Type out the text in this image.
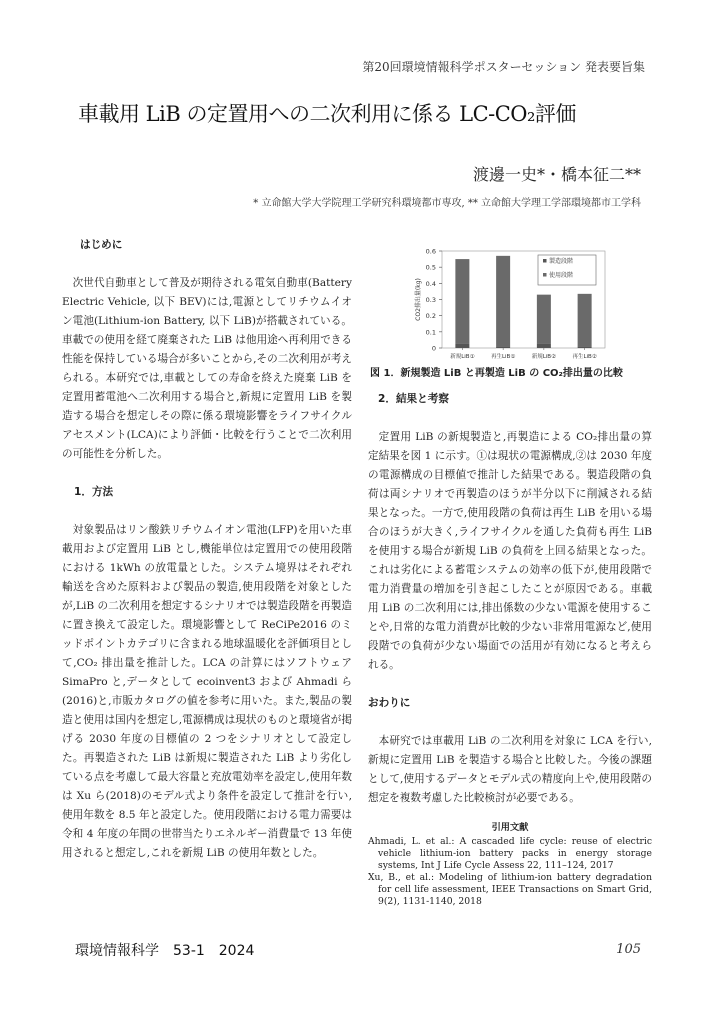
第20回環境情報科学ポスターセッション 発表要旨集
車載用 LiB の定置用への二次利用に係る LC-CO₂評価
渡邊一史*・橋本征二**
* 立命館大学大学院理工学研究科環境都市専攻, ** 立命館大学理工学部環境都市工学科
はじめに

次世代自動車として普及が期待される電気自動車(Battery Electric Vehicle, 以下 BEV)には,電源としてリチウムイオン電池(Lithium-ion Battery, 以下 LiB)が搭載されている。車載での使用を経て廃棄された LiB は他用途へ再利用できる性能を保持している場合が多いことから,その二次利用が考えられる。本研究では,車載としての寿命を終えた廃棄 LiB を定置用蓄電池へ二次利用する場合と,新規に定置用 LiB を製造する場合を想定しその際に係る環境影響をライフサイクルアセスメント(LCA)により評価・比較を行うことで二次利用の可能性を分析した。

1．方法

対象製品はリン酸鉄リチウムイオン電池(LFP)を用いた車載用および定置用 LiB とし,機能単位は定置用での使用段階における 1kWh の放電量とした。システム境界はそれぞれ輸送を含めた原料および製品の製造,使用段階を対象としたが,LiB の二次利用を想定するシナリオでは製造段階を再製造に置き換えて設定した。環境影響として ReCiPe2016 のミッドポイントカテゴリに含まれる地球温暖化を評価項目として,CO₂ 排出量を推計した。LCA の計算にはソフトウェア SimaPro と,データとして ecoinvent3 および Ahmadi ら(2016)と,市販カタログの値を参考に用いた。また,製品の製造と使用は国内を想定し,電源構成は現状のものと環境省が掲げる 2030 年度の目標値の 2 つをシナリオとして設定した。再製造された LiB は新規に製造された LiB より劣化している点を考慮して最大容量と充放電効率を設定し,使用年数は Xu ら(2018)のモデル式より条件を設定して推計を行い,使用年数を 8.5 年と設定した。使用段階における電力需要は令和 4 年度の年間の世帯当たりエネルギー消費量で 13 年使用されると想定し,これを新規 LiB の使用年数とした。

0
0.1
0.2
0.3
0.4
0.5
0.6
CO2排出量(kg)
新規LiB①	再生LiB①	新規LiB②	再生LiB②
製造段階
使用段階
図 1．新規製造 LiB と再製造 LiB の CO₂排出量の比較
2．結果と考察

定置用 LiB の新規製造と,再製造による CO₂排出量の算定結果を図 1 に示す。①は現状の電源構成,②は 2030 年度の電源構成の目標値で推計した結果である。製造段階の負荷は両シナリオで再製造のほうが半分以下に削減される結果となった。一方で,使用段階の負荷は再生 LiB を用いる場合のほうが大きく,ライフサイクルを通した負荷も再生 LiB を使用する場合が新規 LiB の負荷を上回る結果となった。これは劣化による蓄電システムの効率の低下が,使用段階で電力消費量の増加を引き起こしたことが原因である。車載用 LiB の二次利用には,排出係数の少ない電源を使用することや,日常的な電力消費が比較的少ない非常用電源など,使用段階での負荷が少ない場面での活用が有効になると考えられる。

おわりに

本研究では車載用 LiB の二次利用を対象に LCA を行い,新規に定置用 LiB を製造する場合と比較した。今後の課題として,使用するデータとモデル式の精度向上や,使用段階の想定を複数考慮した比較検討が必要である。

引用文献
Ahmadi, L. et al.: A cascaded life cycle: reuse of electric vehicle lithium-ion battery packs in energy storage systems, Int J Life Cycle Assess 22, 111–124, 2017
Xu, B., et al.: Modeling of lithium-ion battery degradation for cell life assessment, IEEE Transactions on Smart Grid, 9(2), 1131-1140, 2018
環境情報科学　53-1　2024	105
